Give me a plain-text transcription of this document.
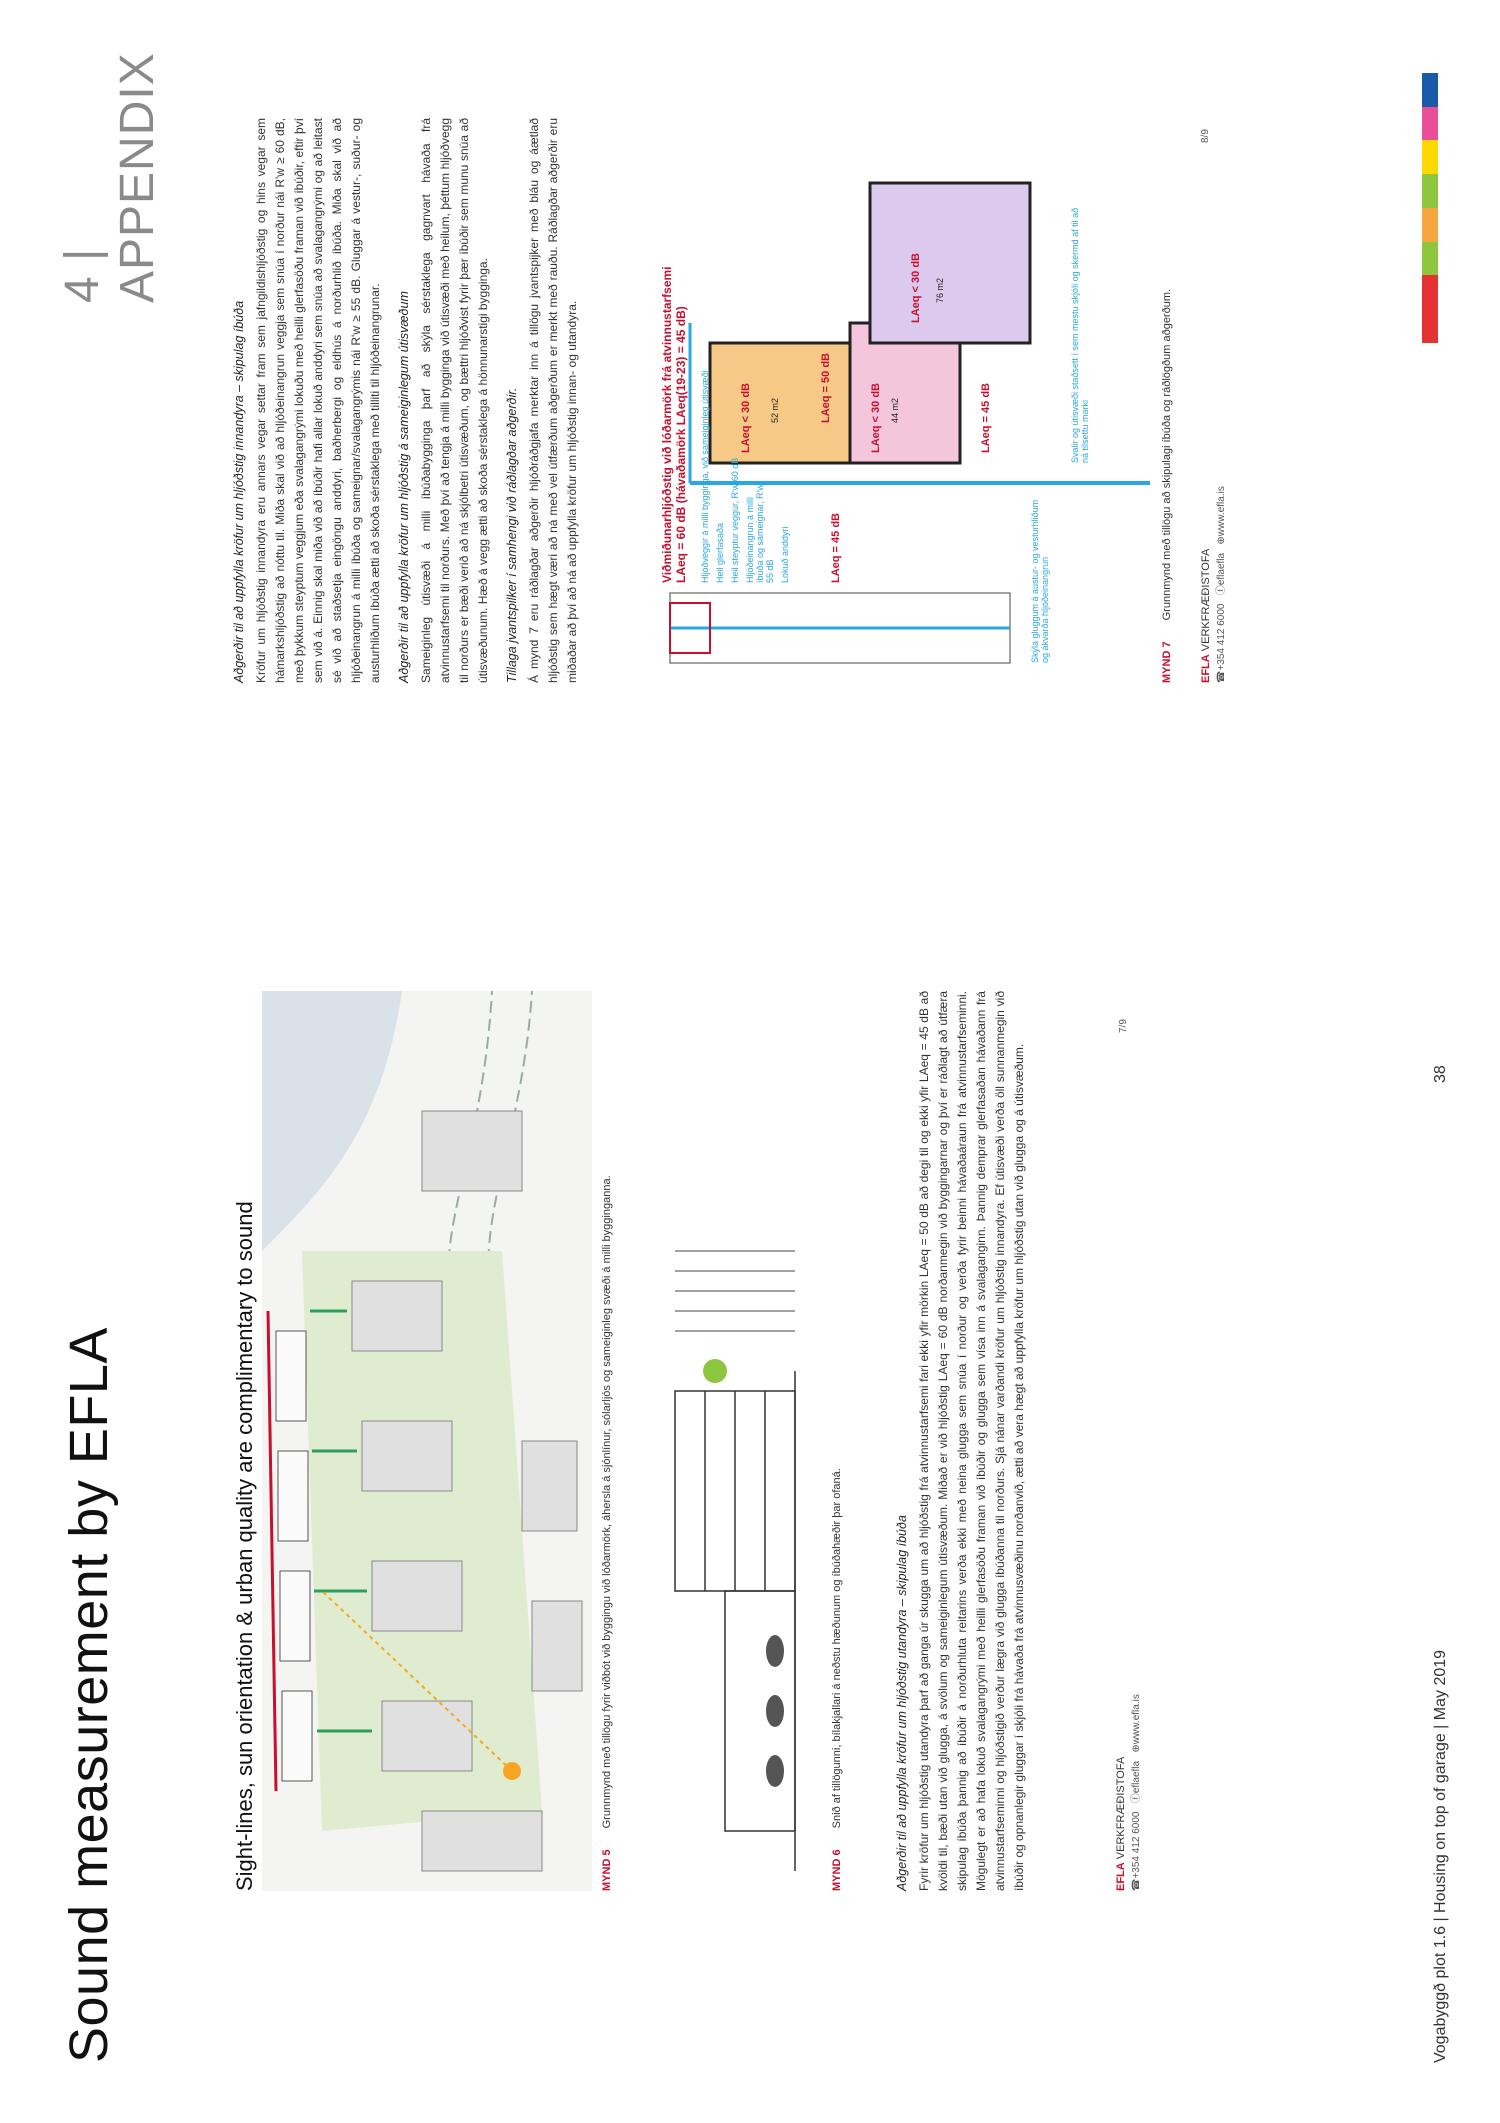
Sound measurement by EFLA
4 | APPENDIX
Sight-lines, sun orientation & urban quality are complimentary to sound	MYND 5 Grunnmynd með tillögu fyrir viðbót við byggingu við lóðarmörk, áhersla á sjónlínur, sólarljós og sameiginleg svæði á milli bygginganna.
MYND 6 Snið af tillögunni, bílakjallari á neðstu hæðunum og íbúðahæðir þar ofaná.	Aðgerðir til að uppfylla kröfur um hljóðstig utandyra – skipulag íbúða Fyrir kröfur um hljóðstig utandyra þarf að ganga úr skugga um að hljóðstig frá atvinnustarfsemi fari ekki yfir mörkin LAeq = 50 dB að degi til og ekki yfir LAeq = 45 dB að kvöldi til, bæði utan við glugga, á svölum og sameiginlegum útisvæðum. Miðað er við hljóðstig LAeq = 60 dB norðanmegin við byggingarnar og því er ráðlagt að útfæra skipulag íbúða þannig að íbúðir á norðurhluta reitarins verða ekki með neina glugga sem snúa í norður og verða fyrir beinni hávaðaáraun frá atvinnustarfseminni. Mögulegt er að hafa lokuð svalagangrými með heilli glerfasöðu framan við íbúðir og glugga sem vísa inn á svalaganginn. Þannig demprar glerfasaðan hávaðann frá atvinnustarfseminni og hljóðstigið verður lægra við glugga íbúðanna til norðurs. Sjá nánar varðandi kröfur um hljóðstig innandyra. Ef útisvæði verða öll sunnanmegin við íbúðir og opnanlegir gluggar í skjóli frá hávaða frá atvinnusvæðinu norðanvið, ætti að vera hægt að uppfylla kröfur um hljóðstig utan við glugga og á útisvæðum.	EFLA VERKFRÆÐISTOFA
☎+354 412 6000   ⓕeflaefla   ⊕www.efla.is
7/9

Aðgerðir til að uppfylla kröfur um hljóðstig innandyra – skipulag íbúða Kröfur um hljóðstig innandyra eru annars vegar settar fram sem jafngildishljóðstig og hins vegar sem hámarkshljóðstig að nóttu til. Miða skal við að hljóðeinangrun veggja sem snúa í norður nái R'w ≥ 60 dB, með þykkum steyptum veggjum eða svalagangrými lokuðu með heilli glerfasöðu framan við íbúðir, eftir því sem við á. Einnig skal miða við að íbúðir hafi allar lokuð anddyri sem snúa að svalagangrými og að leitast sé við að staðsetja eingöngu anddyri, baðherbergi og eldhús á norðurhlið íbúða. Miða skal við að hljóðeinangrun á milli íbúða og sameignar/svalagangrýmis nái R'w ≥ 55 dB. Gluggar á vestur-, suður- og austurhliðum íbúða ætti að skoða sérstaklega með tilliti til hljóðeinangrunar. Aðgerðir til að uppfylla kröfur um hljóðstig á sameiginlegum útisvæðum Sameiginleg útisvæði á milli íbúðabygginga þarf að skýla sérstaklega gagnvart hávaða frá atvinnustarfsemi til norðurs. Með því að tengja á milli bygginga við útisvæði með heilum, þéttum hljóðvegg til norðurs er bæði verið að ná skjólbetri útisvæðum, og bættri hljóðvist fyrir þær íbúðir sem munu snúa að útisvæðunum. Hæð á vegg ætti að skoða sérstaklega á hönnunarstigi bygginga. Tillaga jvantspilker í samhengi við ráðlagðar aðgerðir. Á mynd 7 eru ráðlagðar aðgerðir hljóðráðgjafa merktar inn á tillögu jvantspijker með bláu og áætlað hljóðstig sem hægt væri að ná með vel útfærðum aðgerðum er merkt með rauðu. Ráðlagðar aðgerðir eru miðaðar að því að ná að uppfylla kröfur um hljóðstig innan- og utandyra.	Viðmiðunarhljóðstig við lóðarmörk frá atvinnustarfsemi LAeq = 60 dB (hávaðamörk LAeq(19-23) = 45 dB) Hljóðveggir á milli bygginga, við sameiginleg útisvæði Heil glerfasaða Heil steyptur veggur, R'w 60 dB Hljóðeinangrun á milli íbúða og sameignar, R'w 55 dB Lokuð anddyri
LAeq < 30 dB 52 m2	LAeq < 30 dB 44 m2
LAeq < 30 dB 76 m2
LAeq = 50 dB
LAeq = 45 dB
LAeq = 45 dB
Skýla gluggum á austur- og vesturhliðum og ákvarða hljóðeinangrun
Svalir og útisvæði staðsett í sem mestu skjóli og skermd af til að ná tilsettu marki
MYND 7 Grunnmynd með tillögu að skipulagi íbúða og ráðlögðum aðgerðum.
EFLA VERKFRÆÐISTOFA
☎+354 412 6000   ⓕeflaefla   ⊕www.efla.is
8/9
Vogabyggð plot 1.6 | Housing on top of garage | May 2019
38
